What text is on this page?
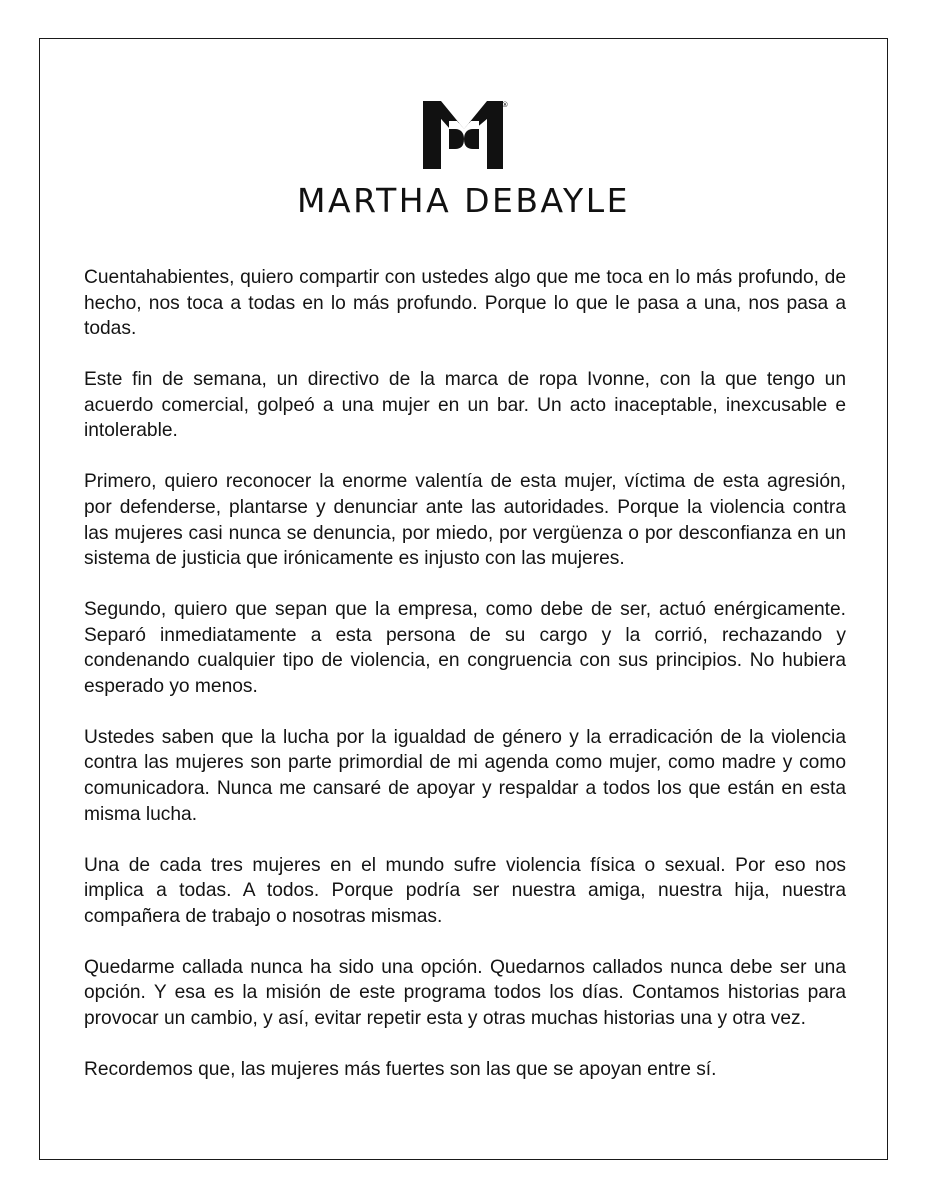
®
MARTHA DEBAYLE

Cuentahabientes, quiero compartir con ustedes algo que me toca en lo más profundo, de hecho, nos toca a todas en lo más profundo. Porque lo que le pasa a una, nos pasa a todas.

Este fin de semana, un directivo de la marca de ropa Ivonne, con la que tengo un acuerdo comercial, golpeó a una mujer en un bar. Un acto inaceptable, inexcusable e intolerable.

Primero, quiero reconocer la enorme valentía de esta mujer, víctima de esta agresión, por defenderse, plantarse y denunciar ante las autoridades. Porque la violencia contra las mujeres casi nunca se denuncia, por miedo, por vergüenza o por desconfianza en un sistema de justicia que irónicamente es injusto con las mujeres.

Segundo, quiero que sepan que la empresa, como debe de ser, actuó enérgicamente. Separó inmediatamente a esta persona de su cargo y la corrió, rechazando y condenando cualquier tipo de violencia, en congruencia con sus principios. No hubiera esperado yo menos.

Ustedes saben que la lucha por la igualdad de género y la erradicación de la violencia contra las mujeres son parte primordial de mi agenda como mujer, como madre y como comunicadora. Nunca me cansaré de apoyar y respaldar a todos los que están en esta misma lucha.

Una de cada tres mujeres en el mundo sufre violencia física o sexual. Por eso nos implica a todas. A todos. Porque podría ser nuestra amiga, nuestra hija, nuestra compañera de trabajo o nosotras mismas.

Quedarme callada nunca ha sido una opción. Quedarnos callados nunca debe ser una opción. Y esa es la misión de este programa todos los días. Contamos historias para provocar un cambio, y así, evitar repetir esta y otras muchas historias una y otra vez.

Recordemos que, las mujeres más fuertes son las que se apoyan entre sí.
